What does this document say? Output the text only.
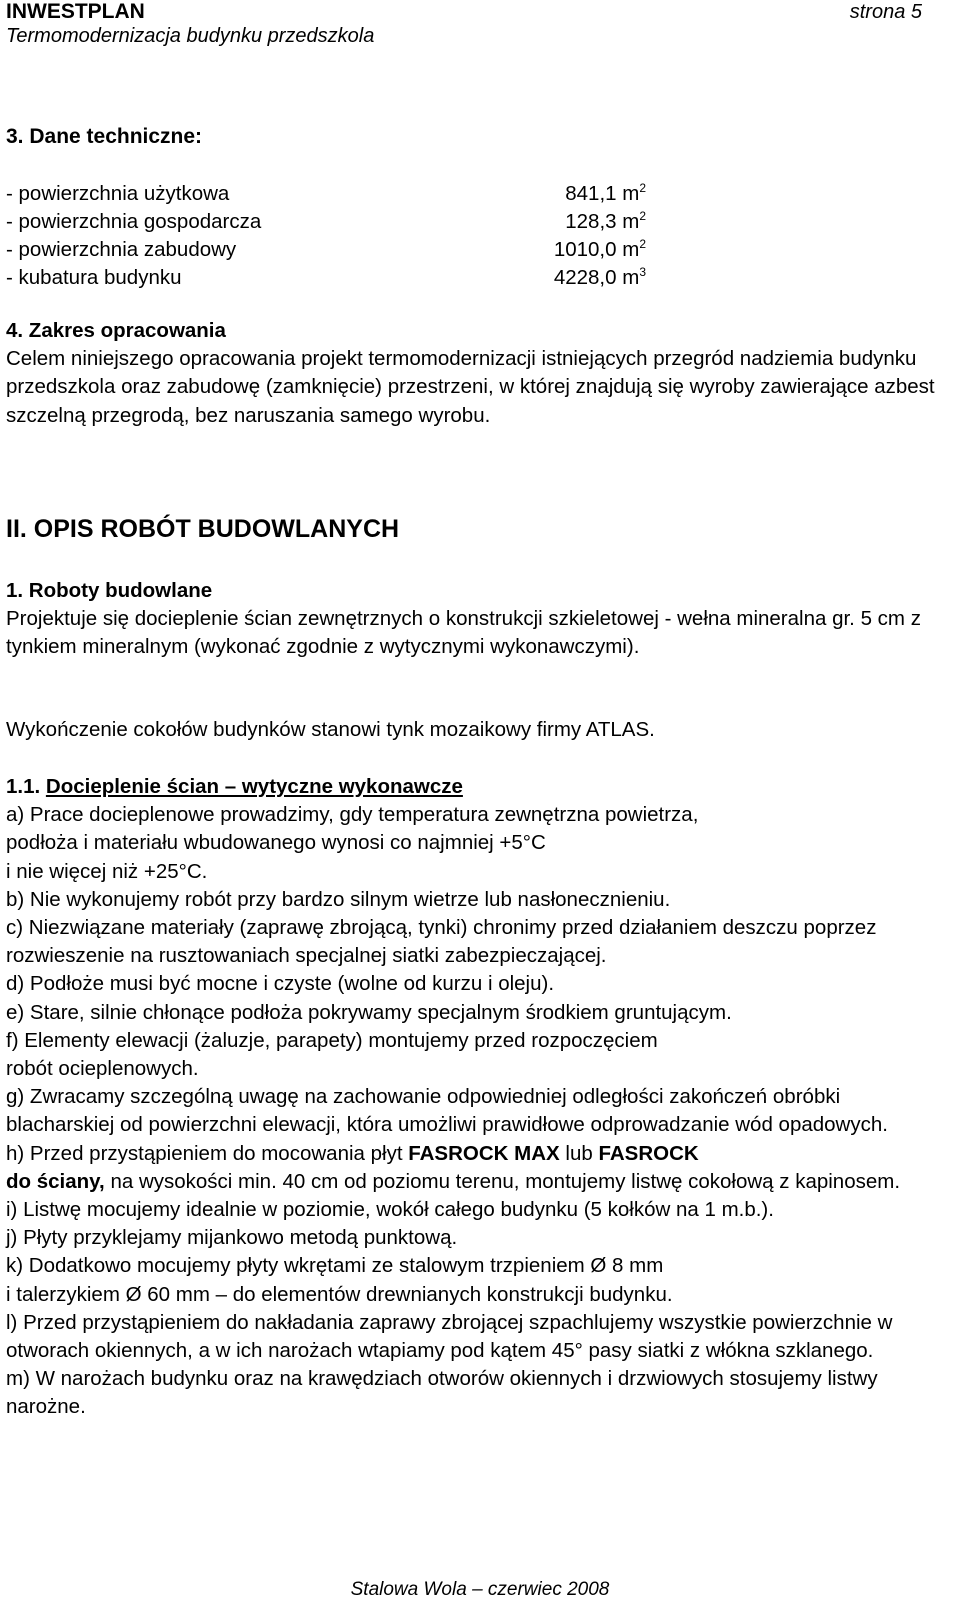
INWESTPLAN
Termomodernizacja budynku przedszkola
strona 5
3. Dane techniczne:
- powierzchnia użytkowa	841,1 $m^2$
- powierzchnia gospodarcza	128,3 $m^2$
- powierzchnia zabudowy	1010,0 $m^2$
- kubatura budynku	4228,0 $m^3$
4. Zakres opracowania
Celem niniejszego opracowania projekt termomodernizacji istniejących przegród nadziemia budynku przedszkola oraz zabudowę (zamknięcie) przestrzeni, w której znajdują się wyroby zawierające azbest szczelną przegrodą, bez naruszania samego wyrobu.
II. OPIS ROBÓT BUDOWLANYCH
1. Roboty budowlane
Projektuje się docieplenie ścian zewnętrznych o konstrukcji szkieletowej - wełna mineralna gr. 5 cm z tynkiem mineralnym (wykonać zgodnie z wytycznymi wykonawczymi).
Wykończenie cokołów budynków stanowi tynk mozaikowy firmy ATLAS.
1.1. Docieplenie ścian – wytyczne wykonawcze

a) Prace docieplenowe prowadzimy, gdy temperatura zewnętrzna powietrza,
podłoża i materiału wbudowanego wynosi co najmniej +5°C
i nie więcej niż +25°C.

b) Nie wykonujemy robót przy bardzo silnym wietrze lub nasłonecznieniu.

c) Niezwiązane materiały (zaprawę zbrojącą, tynki) chronimy przed działaniem deszczu poprzez rozwieszenie na rusztowaniach specjalnej siatki zabezpieczającej.

d) Podłoże musi być mocne i czyste (wolne od kurzu i oleju).

e) Stare, silnie chłonące podłoża pokrywamy specjalnym środkiem gruntującym.

f) Elementy elewacji (żaluzje, parapety) montujemy przed rozpoczęciem
robót ocieplenowych.

g) Zwracamy szczególną uwagę na zachowanie odpowiedniej odległości zakończeń obróbki blacharskiej od powierzchni elewacji, która umożliwi prawidłowe odprowadzanie wód opadowych.

h) Przed przystąpieniem do mocowania płyt FASROCK MAX lub FASROCK
do ściany, na wysokości min. 40 cm od poziomu terenu, montujemy listwę cokołową z kapinosem.

i) Listwę mocujemy idealnie w poziomie, wokół całego budynku (5 kołków na 1 m.b.).

j) Płyty przyklejamy mijankowo metodą punktową.

k) Dodatkowo mocujemy płyty wkrętami ze stalowym trzpieniem Ø 8 mm
i talerzykiem Ø 60 mm – do elementów drewnianych konstrukcji budynku.

l) Przed przystąpieniem do nakładania zaprawy zbrojącej szpachlujemy wszystkie powierzchnie w otworach okiennych, a w ich narożach wtapiamy pod kątem 45° pasy siatki z włókna szklanego.

m) W narożach budynku oraz na krawędziach otworów okiennych i drzwiowych stosujemy listwy narożne.

Stalowa Wola – czerwiec 2008
